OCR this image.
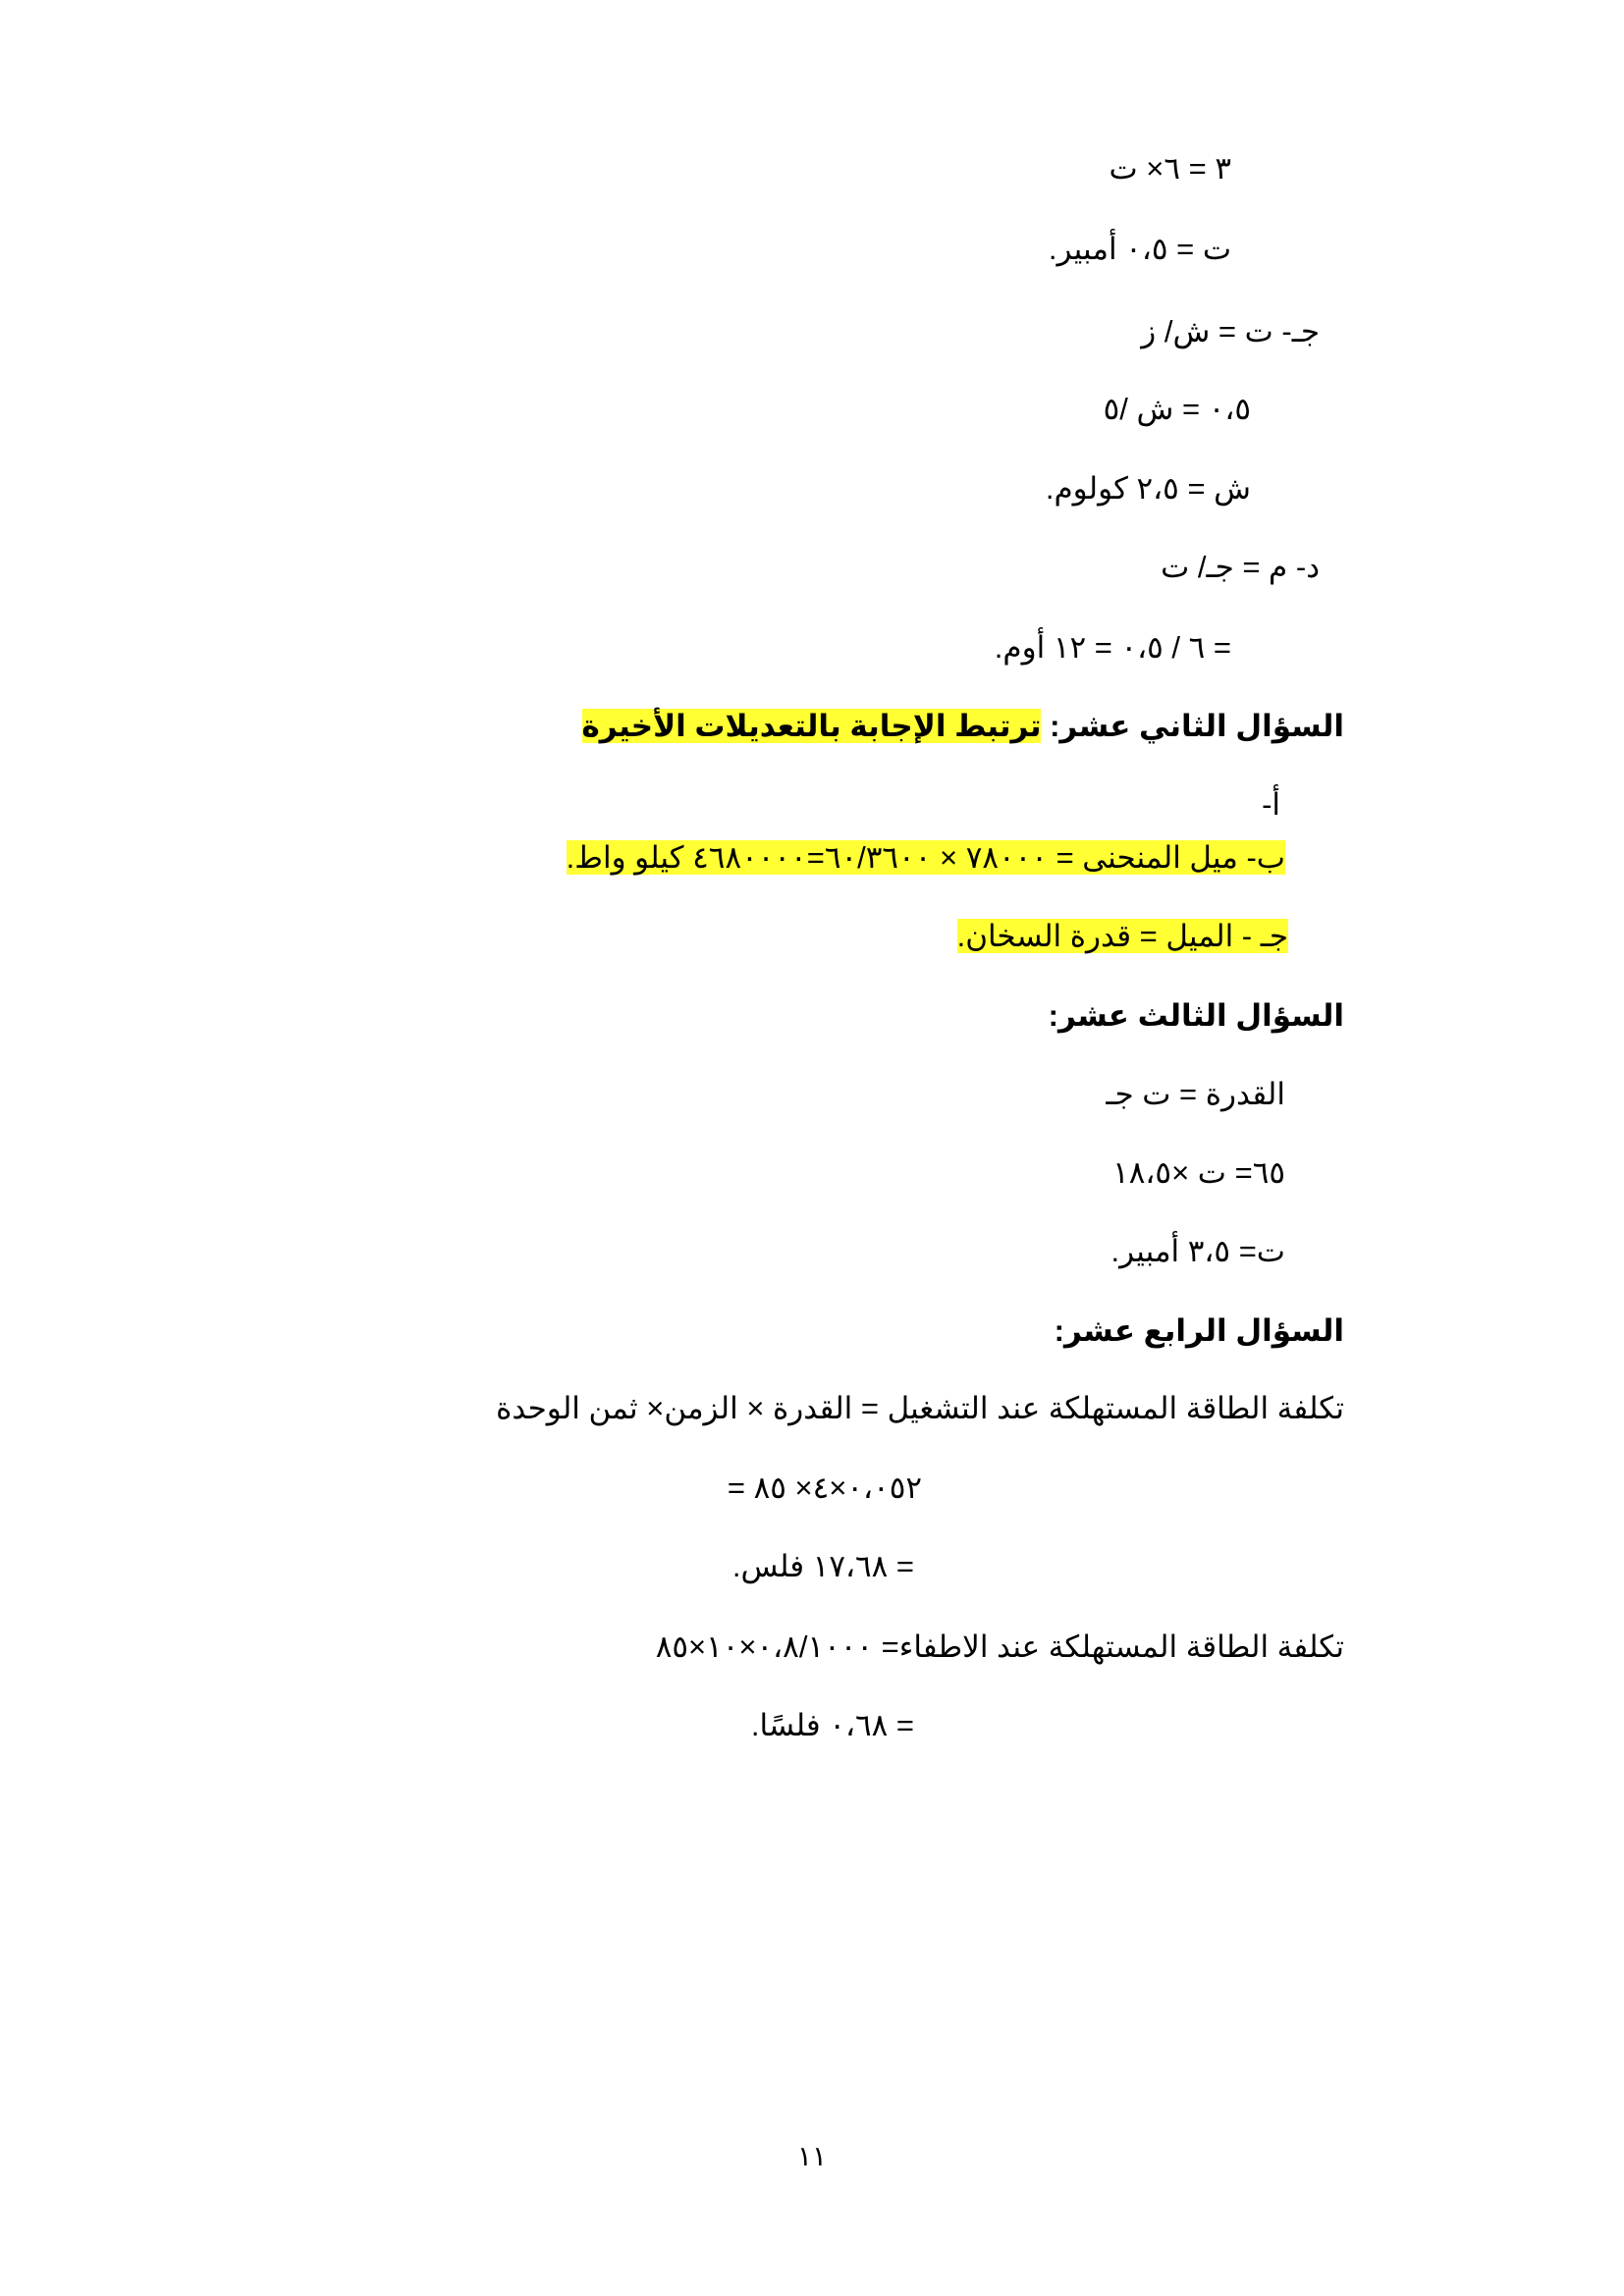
٣ = ٦× ت
ت = ٠،٥ أمبير.
جـ- ت = ش/ ز
٠،٥ = ش /٥
ش = ٢،٥ كولوم.
د- م = جـ/ ت
= ٦ / ٠،٥ = ١٢ أوم.
السؤال الثاني عشر: ترتبط الإجابة بالتعديلات الأخيرة
أ-
ب- ميل المنحنى = ٧٨٠٠٠ × ٦٠/٣٦٠٠=٤٦٨٠٠٠٠ كيلو واط.
جـ - الميل = قدرة السخان.
السؤال الثالث عشر:
القدرة = ت جـ
٦٥= ت ×١٨،٥
ت= ٣،٥ أمبير.
السؤال الرابع عشر:
تكلفة الطاقة المستهلكة عند التشغيل = القدرة × الزمن× ثمن الوحدة
= ٠،٠٥٢×٤× ٨٥
= ١٧،٦٨ فلس.
تكلفة الطاقة المستهلكة عند الاطفاء= ٠،٨/١٠٠٠×١٠×٨٥
= ٠،٦٨ فلسًا.
١١
